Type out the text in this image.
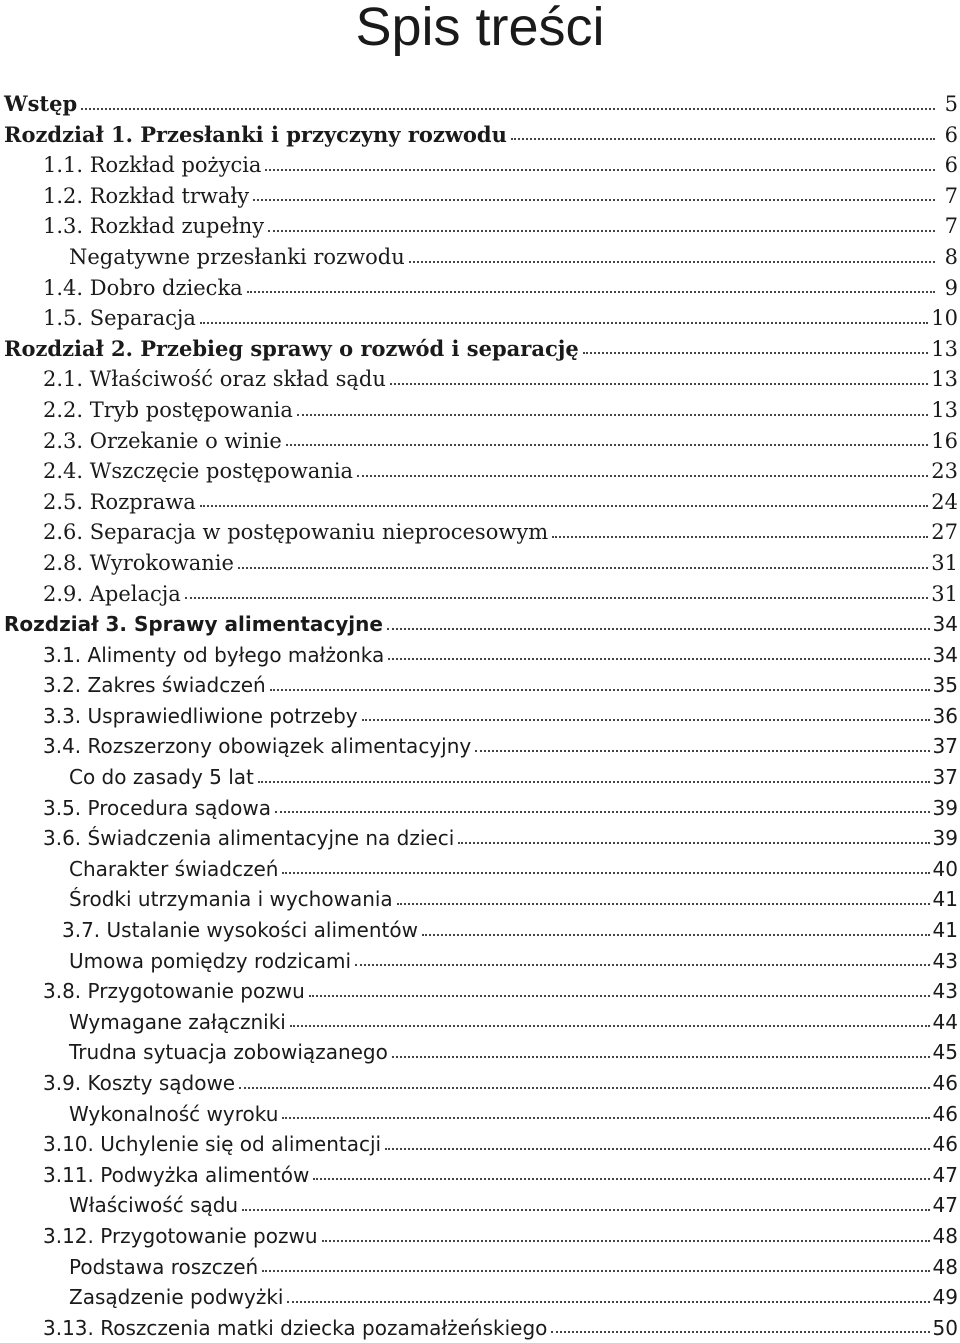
Spis treści
Wstęp	5
Rozdział 1. Przesłanki i przyczyny rozwodu	6
1.1. Rozkład pożycia	6
1.2. Rozkład trwały	7
1.3. Rozkład zupełny	7
Negatywne przesłanki rozwodu	8
1.4. Dobro dziecka	9
1.5. Separacja	10
Rozdział 2. Przebieg sprawy o rozwód i separację	13
2.1. Właściwość oraz skład sądu	13
2.2. Tryb postępowania	13
2.3. Orzekanie o winie	16
2.4. Wszczęcie postępowania	23
2.5. Rozprawa	24
2.6. Separacja w postępowaniu nieprocesowym	27
2.8. Wyrokowanie	31
2.9. Apelacja	31
Rozdział 3. Sprawy alimentacyjne	34
3.1. Alimenty od byłego małżonka	34
3.2. Zakres świadczeń	35
3.3. Usprawiedliwione potrzeby	36
3.4. Rozszerzony obowiązek alimentacyjny	37
Co do zasady 5 lat	37
3.5. Procedura sądowa	39
3.6. Świadczenia alimentacyjne na dzieci	39
Charakter świadczeń	40
Środki utrzymania i wychowania	41
3.7. Ustalanie wysokości alimentów	41
Umowa pomiędzy rodzicami	43
3.8. Przygotowanie pozwu	43
Wymagane załączniki	44
Trudna sytuacja zobowiązanego	45
3.9. Koszty sądowe	46
Wykonalność wyroku	46
3.10. Uchylenie się od alimentacji	46
3.11. Podwyżka alimentów	47
Właściwość sądu	47
3.12. Przygotowanie pozwu	48
Podstawa roszczeń	48
Zasądzenie podwyżki	49
3.13. Roszczenia matki dziecka pozamałżeńskiego	50
